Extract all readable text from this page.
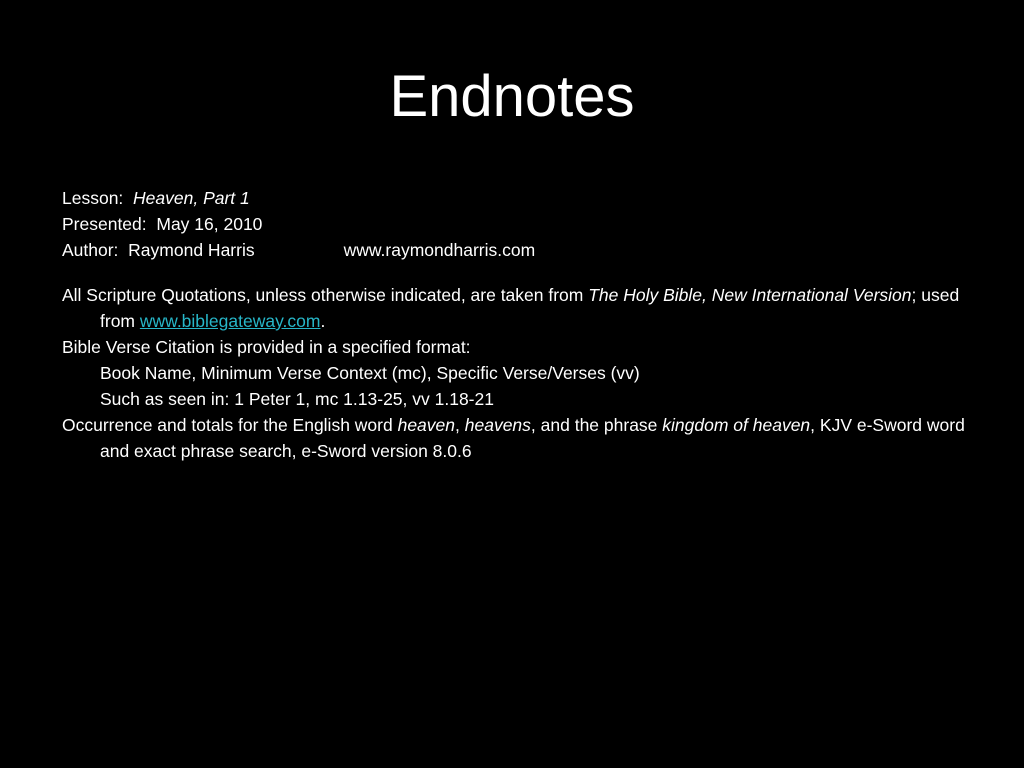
Endnotes

Lesson: Heaven, Part 1

Presented: May 16, 2010

Author: Raymond Harris	www.raymondharris.com

All Scripture Quotations, unless otherwise indicated, are taken from The Holy Bible, New International Version; used from www.biblegateway.com.

Bible Verse Citation is provided in a specified format:

Book Name, Minimum Verse Context (mc), Specific Verse/Verses (vv)

Such as seen in: 1 Peter 1, mc 1.13-25, vv 1.18-21

Occurrence and totals for the English word heaven, heavens, and the phrase kingdom of heaven, KJV e-Sword word and exact phrase search, e-Sword version 8.0.6
